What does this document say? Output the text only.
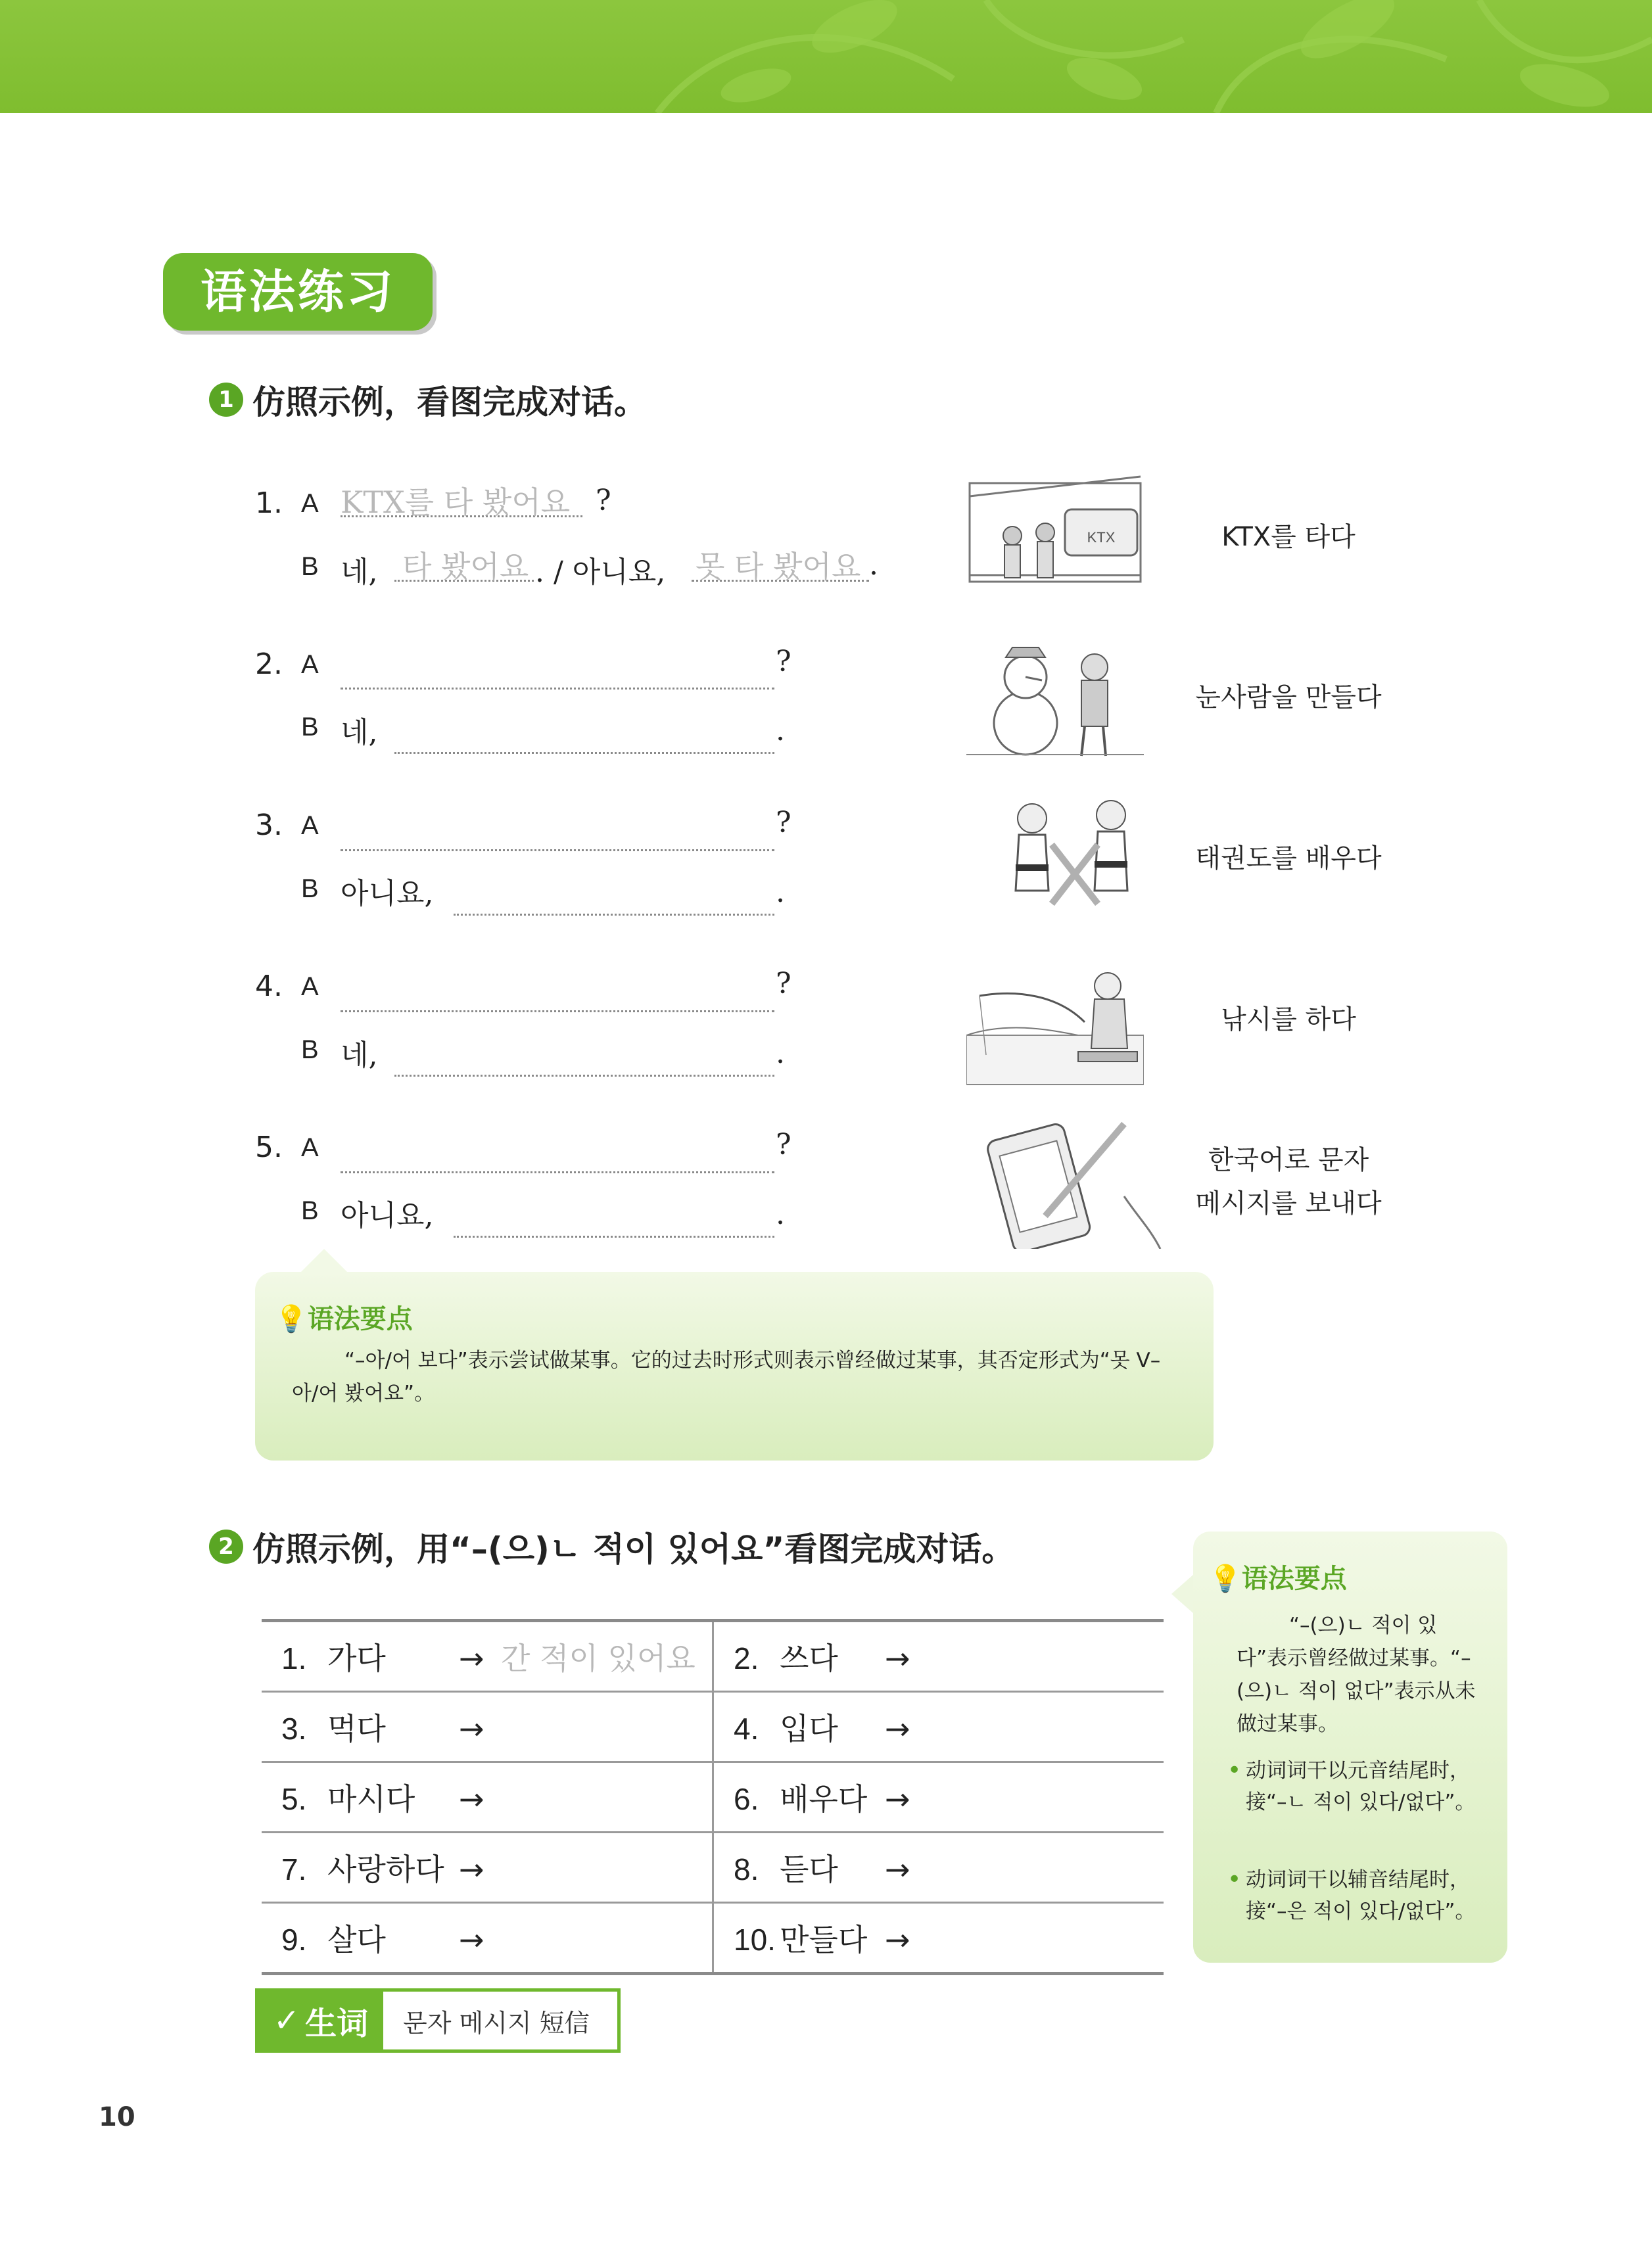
语法练习
1 仿照示例，看图完成对话。
1. A KTX를 타 봤어요 ?
B 네, 타 봤어요 . / 아니요, 못 타 봤어요 .
KTX	KTX를 타다
2. A	?
B 네,	.
눈사람을 만들다
3. A	?
B 아니요,	.
태권도를 배우다
4. A	?
B 네,	.
낚시를 하다
5. A	?
B 아니요,	.
한국어로 문자
메시지를 보내다
💡语法要点
“–아/어 보다”表示尝试做某事。它的过去时形式则表示曾经做过某事，其否定形式为“못 V–아/어 봤어요”。
2 仿照示例，用“–(으)ㄴ 적이 있어요”看图完成对话。
1. 가다 → 간 적이 있어요	2. 쓰다 →
3. 먹다 →	4. 입다 →
5. 마시다 →	6. 배우다 →
7. 사랑하다 →	8. 듣다 →
9. 살다 →	10. 만들다 →
💡语法要点
“–(으)ㄴ 적이 있다”表示曾经做过某事。“–(으)ㄴ 적이 없다”表示从未做过某事。
• 动词词干以元音结尾时，接“–ㄴ 적이 있다/없다”。
• 动词词干以辅音结尾时，接“–은 적이 있다/없다”。
✓ 生词	문자 메시지 短信
10
